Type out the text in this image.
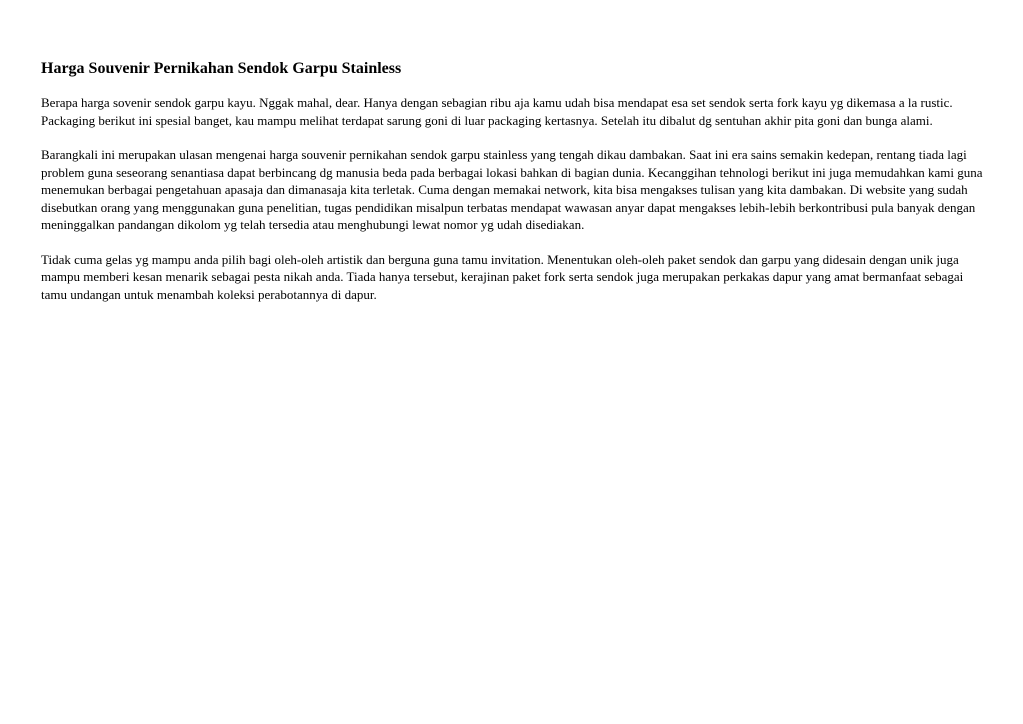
Harga Souvenir Pernikahan Sendok Garpu Stainless

Berapa harga sovenir sendok garpu kayu. Nggak mahal, dear. Hanya dengan sebagian ribu aja kamu udah bisa mendapat esa set sendok serta fork kayu yg dikemasa a la rustic. Packaging berikut ini spesial banget, kau mampu melihat terdapat sarung goni di luar packaging kertasnya. Setelah itu dibalut dg sentuhan akhir pita goni dan bunga alami.

Barangkali ini merupakan ulasan mengenai harga souvenir pernikahan sendok garpu stainless yang tengah dikau dambakan. Saat ini era sains semakin kedepan, rentang tiada lagi problem guna seseorang senantiasa dapat berbincang dg manusia beda pada berbagai lokasi bahkan di bagian dunia. Kecanggihan tehnologi berikut ini juga memudahkan kami guna menemukan berbagai pengetahuan apasaja dan dimanasaja kita terletak. Cuma dengan memakai network, kita bisa mengakses tulisan yang kita dambakan. Di website yang sudah disebutkan orang yang menggunakan guna penelitian, tugas pendidikan misalpun terbatas mendapat wawasan anyar dapat mengakses lebih-lebih berkontribusi pula banyak dengan meninggalkan pandangan dikolom yg telah tersedia atau menghubungi lewat nomor yg udah disediakan.

Tidak cuma gelas yg mampu anda pilih bagi oleh-oleh artistik dan berguna guna tamu invitation. Menentukan oleh-oleh paket sendok dan garpu yang didesain dengan unik juga mampu memberi kesan menarik sebagai pesta nikah anda. Tiada hanya tersebut, kerajinan paket fork serta sendok juga merupakan perkakas dapur yang amat bermanfaat sebagai tamu undangan untuk menambah koleksi perabotannya di dapur.
